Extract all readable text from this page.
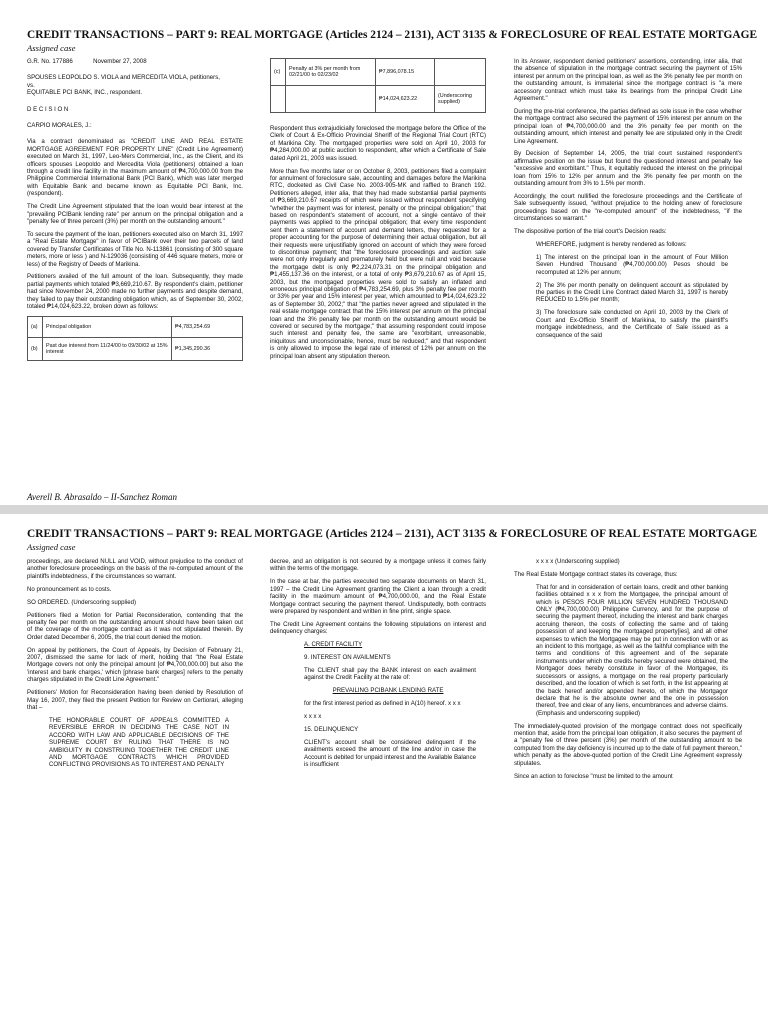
CREDIT TRANSACTIONS – PART 9: REAL MORTGAGE (Articles 2124 – 2131), ACT 3135 & FORECLOSURE OF REAL ESTATE MORTGAGE
Assigned case

G.R. No. 177886	November 27, 2008

SPOUSES LEOPOLDO S. VIOLA and MERCEDITA VIOLA, petitioners,

vs.

EQUITABLE PCI BANK, INC., respondent.

D E C I S I O N

CARPIO MORALES, J.:

Via a contract denominated as "CREDIT LINE AND REAL ESTATE MORTGAGE AGREEMENT FOR PROPERTY LINE" (Credit Line Agreement) executed on March 31, 1997, Leo-Mers Commercial, Inc., as the Client, and its officers spouses Leopoldo and Mercedita Viola (petitioners) obtained a loan through a credit line facility in the maximum amount of ₱4,700,000.00 from the Philippine Commercial International Bank (PCI Bank), which was later merged with Equitable Bank and became known as Equitable PCI Bank, Inc. (respondent).

The Credit Line Agreement stipulated that the loan would bear interest at the "prevailing PCIBank lending rate" per annum on the principal obligation and a "penalty fee of three percent (3%) per month on the outstanding amount."

To secure the payment of the loan, petitioners executed also on March 31, 1997 a "Real Estate Mortgage" in favor of PCIBank over their two parcels of land covered by Transfer Certificates of Title No. N-113861 (consisting of 300 square meters, more or less ) and N-129036 (consisting of 446 square meters, more or less) of the Registry of Deeds of Marikina.

Petitioners availed of the full amount of the loan. Subsequently, they made partial payments which totaled ₱3,669,210.67. By respondent's claim, petitioner had since November 24, 2000 made no further payments and despite demand, they failed to pay their outstanding obligation which, as of September 30, 2002, totaled ₱14,024,623.22, broken down as follows:

(a)	Principal obligation	₱4,783,254.69
(b)	Past due interest from 11/24/00 to 09/30/02 at 15% interest	₱1,345,290.36
(c)	Penalty at 3% per month from 02/21/00 to 02/23/02	₱7,896,078.15	
		₱14,024,623.22	(Underscoring supplied)

Respondent thus extrajudicially foreclosed the mortgage before the Office of the Clerk of Court & Ex-Officio Provincial Sheriff of the Regional Trial Court (RTC) of Marikina City. The mortgaged properties were sold on April 10, 2003 for ₱4,284,000.00 at public auction to respondent, after which a Certificate of Sale dated April 21, 2003 was issued.

More than five months later or on October 8, 2003, petitioners filed a complaint for annulment of foreclosure sale, accounting and damages before the Marikina RTC, docketed as Civil Case No. 2003-905-MK and raffled to Branch 192. Petitioners alleged, inter alia, that they had made substantial partial payments of ₱3,669,210.67 receipts of which were issued without respondent specifying "whether the payment was for interest, penalty or the principal obligation;" that based on respondent's statement of account, not a single centavo of their payments was applied to the principal obligation; that every time respondent sent them a statement of account and demand letters, they requested for a proper accounting for the purpose of determining their actual obligation, but all their requests were unjustifiably ignored on account of which they were forced to discontinue payment; that "the foreclosure proceedings and auction sale were not only irregularly and prematurely held but were null and void because the mortgage debt is only ₱2,224,073.31 on the principal obligation and ₱1,455,137.36 on the interest, or a total of only ₱3,679,210.67 as of April 15, 2003, but the mortgaged properties were sold to satisfy an inflated and erroneous principal obligation of ₱4,783,254.69, plus 3% penalty fee per month or 33% per year and 15% interest per year, which amounted to ₱14,024,623.22 as of September 30, 2002;" that "the parties never agreed and stipulated in the real estate mortgage contract that the 15% interest per annum on the principal loan and the 3% penalty fee per month on the outstanding amount would be covered or secured by the mortgage;" that assuming respondent could impose such interest and penalty fee, the same are "exorbitant, unreasonable, iniquitous and unconscionable, hence, must be reduced;" and that respondent is only allowed to impose the legal rate of interest of 12% per annum on the principal loan absent any stipulation thereon.

In its Answer, respondent denied petitioners' assertions, contending, inter alia, that the absence of stipulation in the mortgage contract securing the payment of 15% interest per annum on the principal loan, as well as the 3% penalty fee per month on the outstanding amount, is immaterial since the mortgage contract is "a mere accessory contract which must take its bearings from the principal Credit Line Agreement."

During the pre-trial conference, the parties defined as sole issue in the case whether the mortgage contract also secured the payment of 15% interest per annum on the principal loan of ₱4,700,000.00 and the 3% penalty fee per month on the outstanding amount, which interest and penalty fee are stipulated only in the Credit Line Agreement.

By Decision of September 14, 2005, the trial court sustained respondent's affirmative position on the issue but found the questioned interest and penalty fee "excessive and exorbitant." Thus, it equitably reduced the interest on the principal loan from 15% to 12% per annum and the 3% penalty fee per month on the outstanding amount from 3% to 1.5% per month.

Accordingly, the court nullified the foreclosure proceedings and the Certificate of Sale subsequently issued, "without prejudice to the holding anew of foreclosure proceedings based on the "re-computed amount" of the indebtedness, "if the circumstances so warrant."

The dispositive portion of the trial court's Decision reads:

WHEREFORE, judgment is hereby rendered as follows:

1) The interest on the principal loan in the amount of Four Million Seven Hundred Thousand (₱4,700,000.00) Pesos should be recomputed at 12% per annum;

2) The 3% per month penalty on delinquent account as stipulated by the parties in the Credit Line Contract dated March 31, 1997 is hereby REDUCED to 1.5% per month;

3) The foreclosure sale conducted on April 10, 2003 by the Clerk of Court and Ex-Officio Sheriff of Marikina, to satisfy the plaintiff's mortgage indebtedness, and the Certificate of Sale issued as a consequence of the said

Averell B. Abrasaldo – II-Sanchez Roman
CREDIT TRANSACTIONS – PART 9: REAL MORTGAGE (Articles 2124 – 2131), ACT 3135 & FORECLOSURE OF REAL ESTATE MORTGAGE
Assigned case

proceedings, are declared NULL and VOID, without prejudice to the conduct of another foreclosure proceedings on the basis of the re-computed amount of the plaintiffs indebtedness, if the circumstances so warrant.

No pronouncement as to costs.

SO ORDERED. (Underscoring supplied)

Petitioners filed a Motion for Partial Reconsideration, contending that the penalty fee per month on the outstanding amount should have been taken out of the coverage of the mortgage contract as it was not stipulated therein. By Order dated December 6, 2005, the trial court denied the motion.

On appeal by petitioners, the Court of Appeals, by Decision of February 21, 2007, dismissed the same for lack of merit, holding that "the Real Estate Mortgage covers not only the principal amount [of ₱4,700,000.00] but also the 'interest and bank charges,' which [phrase bank charges] refers to the penalty charges stipulated in the Credit Line Agreement."

Petitioners' Motion for Reconsideration having been denied by Resolution of May 16, 2007, they filed the present Petition for Review on Certiorari, alleging that –

THE HONORABLE COURT OF APPEALS COMMITTED A REVERSIBLE ERROR IN DECIDING THE CASE NOT IN ACCORD WITH LAW AND APPLICABLE DECISIONS OF THE SUPREME COURT BY RULING THAT THERE IS NO AMBIGUITY IN CONSTRUING TOGETHER THE CREDIT LINE AND MORTGAGE CONTRACTS WHICH PROVIDED CONFLICTING PROVISIONS AS TO INTEREST AND PENALTY

decree, and an obligation is not secured by a mortgage unless it comes fairly within the terms of the mortgage.

In the case at bar, the parties executed two separate documents on March 31, 1997 – the Credit Line Agreement granting the Client a loan through a credit facility in the maximum amount of ₱4,700,000.00, and the Real Estate Mortgage contract securing the payment thereof. Undisputedly, both contracts were prepared by respondent and written in fine print, single space.

The Credit Line Agreement contains the following stipulations on interest and delinquency charges:

A. CREDIT FACILITY

9. INTEREST ON AVAILMENTS

The CLIENT shall pay the BANK interest on each availment against the Credit Facility at the rate of:

PREVAILING PCIBANK LENDING RATE

for the first interest period as defined in A(10) hereof. x x x

x x x x

15. DELINQUENCY

CLIENT's account shall be considered delinquent if the availments exceed the amount of the line and/or in case the Account is debited for unpaid interest and the Available Balance is insufficient

x x x x (Underscoring supplied)

The Real Estate Mortgage contract states its coverage, thus:

That for and in consideration of certain loans, credit and other banking facilities obtained x x x from the Mortgagee, the principal amount of which is PESOS FOUR MILLION SEVEN HUNDRED THOUSAND ONLY (₱4,700,000.00) Philippine Currency, and for the purpose of securing the payment thereof, including the interest and bank charges accruing thereon, the costs of collecting the same and of taking possession of and keeping the mortgaged property[ies], and all other expenses to which the Mortgagee may be put in connection with or as an incident to this mortgage, as well as the faithful compliance with the terms and conditions of this agreement and of the separate instruments under which the credits hereby secured were obtained, the Mortgagor does hereby constitute in favor of the Mortgagee, its successors or assigns, a mortgage on the real property particularly described, and the location of which is set forth, in the list appearing at the back hereof and/or appended hereto, of which the Mortgagor declare that he is the absolute owner and the one in possession thereof, free and clear of any liens, encumbrances and adverse claims. (Emphasis and underscoring supplied)

The immediately-quoted provision of the mortgage contract does not specifically mention that, aside from the principal loan obligation, it also secures the payment of a "penalty fee of three percent (3%) per month of the outstanding amount to be computed from the day deficiency is incurred up to the date of full payment thereon," which penalty as the above-quoted portion of the Credit Line Agreement expressly stipulates.

Since an action to foreclose "must be limited to the amount
